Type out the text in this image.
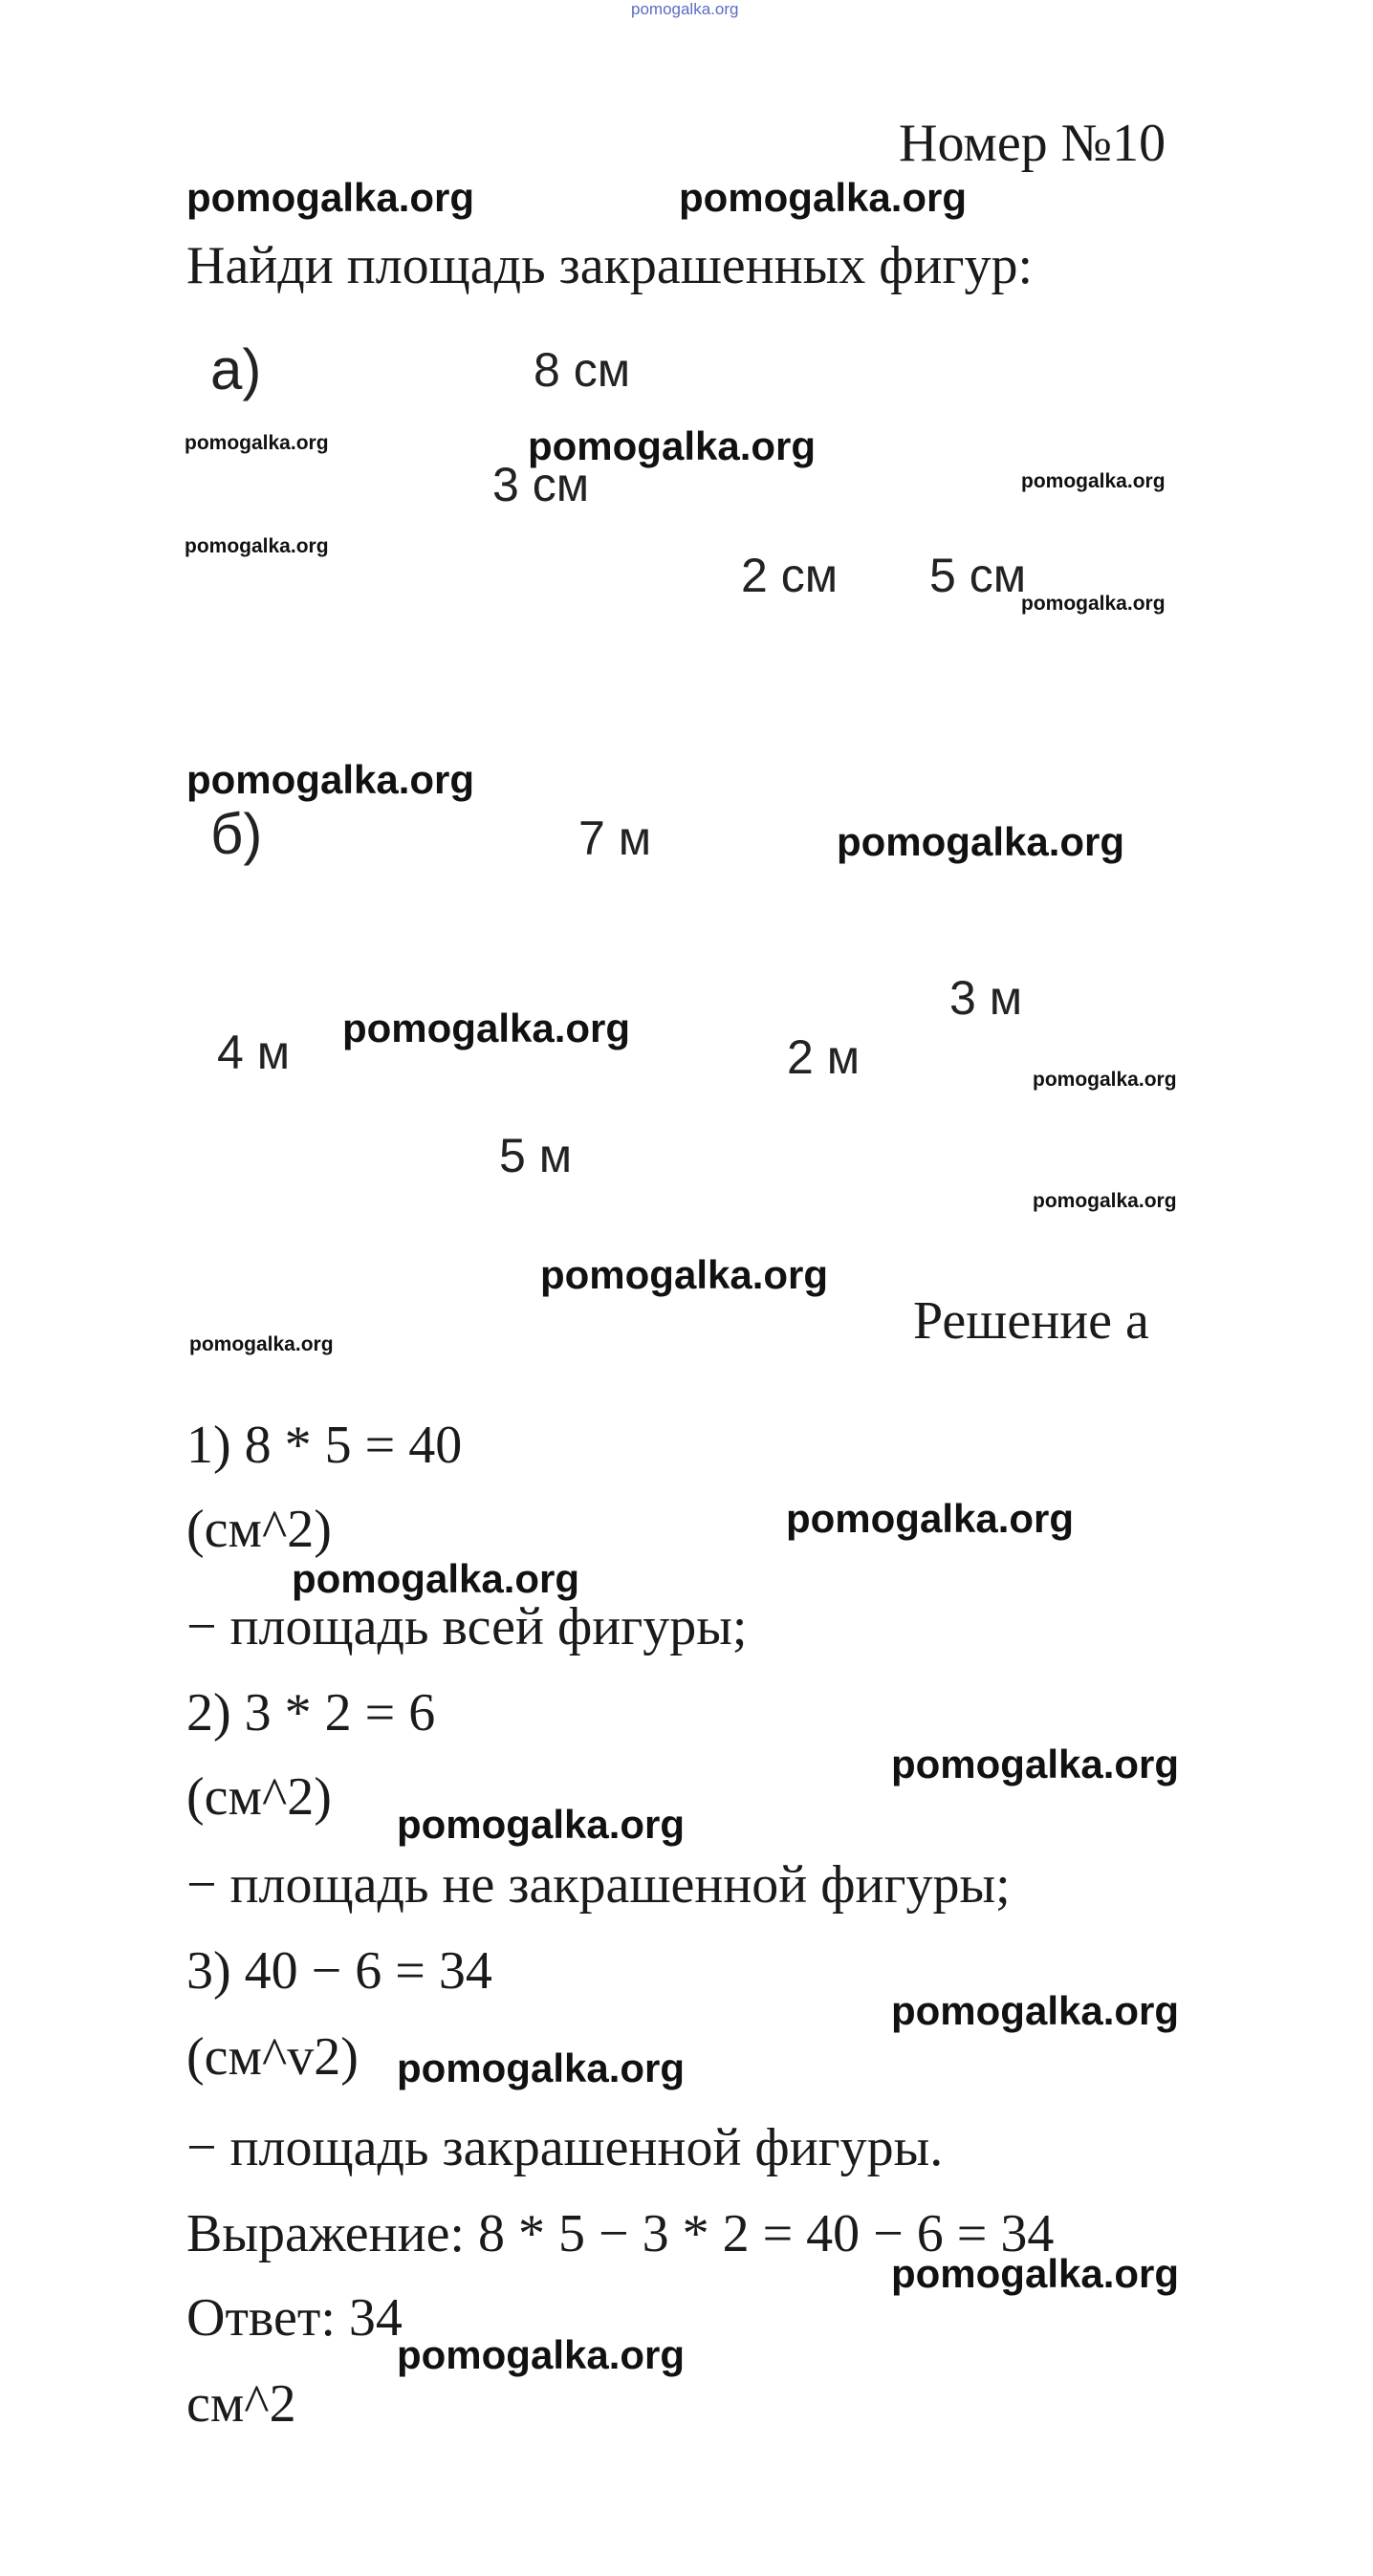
pomogalka.org
Номер №10
pomogalka.org	pomogalka.org
Найди площадь закрашенных фигур:
а)	8 см
3 см
2 см 5 см
pomogalka.org	pomogalka.org
pomogalka.org
pomogalka.org
pomogalka.org
pomogalka.org
б)	7 м
4 м
3 м
2 м
5 м
pomogalka.org
pomogalka.org
pomogalka.org
pomogalka.org
pomogalka.org
Решение а
pomogalka.org
1) 8 * 5 = 40
(см^2)	pomogalka.org
pomogalka.org
− площадь всей фигуры;
2) 3 * 2 = 6
pomogalka.org
(см^2) pomogalka.org
− площадь не закрашенной фигуры;
3) 40 − 6 = 34
pomogalka.org
(см^v2) pomogalka.org
− площадь закрашенной фигуры.
Выражение: 8 * 5 − 3 * 2 = 40 − 6 = 34
pomogalka.org
Ответ: 34
pomogalka.org
см^2
